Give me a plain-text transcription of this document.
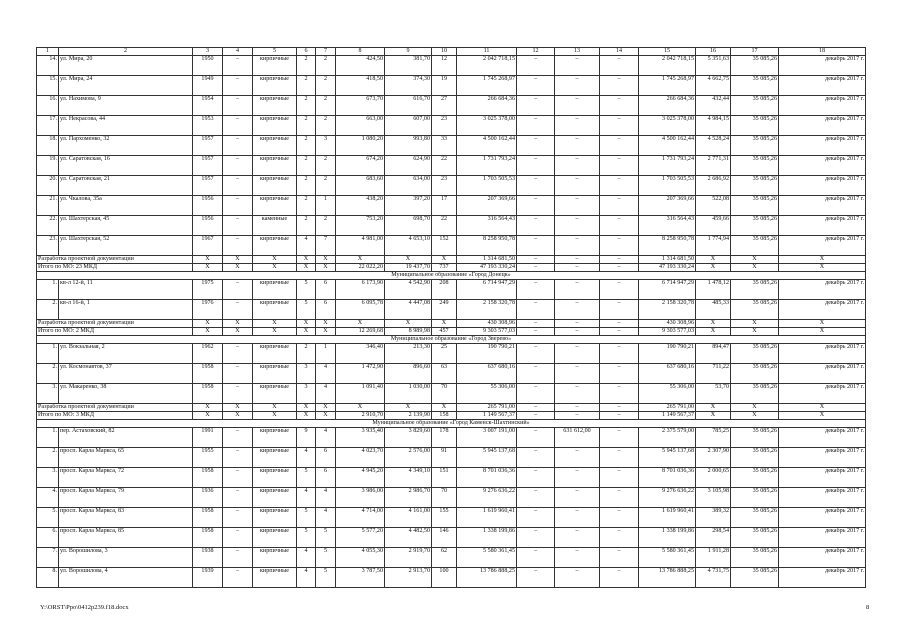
1	2	3	4	5	6	7	8	9	10	11	12	13	14	15	16	17	18
14.	ул. Мира, 20	1950	–	кирпичные	2	2	424,50	381,70	12	2 042 718,15	–	–	–	2 042 718,15	5 351,63	35 085,26	декабрь 2017 г.
15.	ул. Мира, 24	1949	–	кирпичные	2	2	418,50	374,30	19	1 745 268,97	–	–	–	1 745 268,97	4 662,75	35 085,26	декабрь 2017 г.
16.	ул. Нахимова, 9	1954	–	кирпичные	2	2	673,70	616,70	27	266 684,36	–	–	–	266 684,36	432,44	35 085,26	декабрь 2017 г.
17.	ул. Некрасова, 44	1953	–	кирпичные	2	2	663,00	607,00	23	3 025 378,00	–	–	–	3 025 378,00	4 984,15	35 085,26	декабрь 2017 г.
18.	ул. Пархоменко, 32	1957	–	кирпичные	2	3	1 080,20	993,80	33	4 500 162,44	–	–	–	4 500 162,44	4 528,24	35 085,26	декабрь 2017 г.
19.	ул. Саратовская, 16	1957	–	кирпичные	2	2	674,20	624,90	22	1 731 793,24	–	–	–	1 731 793,24	2 771,31	35 085,26	декабрь 2017 г.
20.	ул. Саратовская, 21	1957	–	кирпичные	2	2	683,60	634,00	23	1 703 505,53	–	–	–	1 703 505,53	2 686,92	35 085,26	декабрь 2017 г.
21.	ул. Чкалова, 35а	1956	–	кирпичные	2	1	438,20	397,20	17	207 369,66	–	–	–	207 369,66	522,08	35 085,26	декабрь 2017 г.
22.	ул. Шахтерская, 45	1956	–	каменные	2	2	753,20	698,70	22	316 564,43	–	–	–	316 564,43	459,66	35 085,26	декабрь 2017 г.
23.	ул. Шахтерская, 52	1967	–	кирпичные	4	7	4 981,00	4 653,10	152	8 258 950,78	–	–	–	8 258 950,78	1 774,94	35 085,26	декабрь 2017 г.
Разработка проектной документации		X	X	X	X	X	X	X	X	1 314 681,50	–	–	–	1 314 681,50	X	X	X
Итого по МО: 23 МКД		X	X	X	X	X	22 022,20	19 437,70	737	47 193 330,24	–	–	–	47 193 330,24	X	X	X
Муниципальное образование «Город Донецк»																	
1.	кв-л 12-й, 11	1975	–	кирпичные	5	6	6 173,90	4 542,90	208	6 714 947,29	–	–	–	6 714 947,29	1 478,12	35 085,26	декабрь 2017 г.
2.	кв-л 16-й, 1	1976	–	кирпичные	5	6	6 095,78	4 447,08	249	2 158 320,78	–	–	–	2 158 320,78	485,33	35 085,26	декабрь 2017 г.
Разработка проектной документации		X	X	X	X	X	X	X	X	430 308,96	–	–	–	430 308,96	X	X	X
Итого по МО: 2 МКД		X	X	X	X	X	12 269,68	8 989,98	457	9 303 577,03	–	–	–	9 303 577,03	X	X	X
Муниципальное образование «Город Зверево»																	
1.	ул. Вокзальная, 2	1962	–	кирпичные	2	1	346,40	213,30	25	190 790,21	–	–	–	190 790,21	894,47	35 085,26	декабрь 2017 г.
2.	ул. Космонавтов, 37	1958	–	кирпичные	3	4	1 472,90	896,60	63	637 680,16	–	–	–	637 680,16	711,22	35 085,26	декабрь 2017 г.
3.	ул. Макаренко, 38	1958	–	кирпичные	3	4	1 091,40	1 030,00	70	55 306,00	–	–	–	55 306,00	53,70	35 085,26	декабрь 2017 г.
Разработка проектной документации		X	X	X	X	X	X	X	X	265 791,00	–	–	–	265 791,00	X	X	X
Итого по МО: 3 МКД		X	X	X	X	X	2 910,70	2 139,90	158	1 149 567,37	–	–	–	1 149 567,37	X	X	X
Муниципальное образование «Город Каменск-Шахтинский»																	
1.	пер. Астаховский, 82	1991	–	кирпичные	9	4	3 935,40	3 829,60	178	3 007 191,00	–	631 612,00	–	2 375 579,00	785,25	35 085,26	декабрь 2017 г.
2.	просп. Карла Маркса, 65	1955	–	кирпичные	4	6	4 023,70	2 576,00	91	5 945 137,68	–	–	–	5 945 137,68	2 307,90	35 085,26	декабрь 2017 г.
3.	просп. Карла Маркса, 72	1958	–	кирпичные	5	6	4 945,20	4 349,10	151	8 701 036,36	–	–	–	8 701 036,36	2 000,65	35 085,26	декабрь 2017 г.
4.	просп. Карла Маркса, 79	1936	–	кирпичные	4	4	3 986,00	2 986,70	70	9 276 636,22	–	–	–	9 276 636,22	3 105,98	35 085,26	декабрь 2017 г.
5.	просп. Карла Маркса, 83	1958	–	кирпичные	5	4	4 714,00	4 161,00	155	1 619 960,41	–	–	–	1 619 960,41	389,32	35 085,26	декабрь 2017 г.
6.	просп. Карла Маркса, 85	1958	–	кирпичные	5	5	5 577,20	4 482,50	146	1 338 199,86	–	–	–	1 338 199,86	298,54	35 085,26	декабрь 2017 г.
7.	ул. Ворошилова, 3	1938	–	кирпичные	4	5	4 055,30	2 919,70	62	5 580 361,45	–	–	–	5 580 361,45	1 911,28	35 085,26	декабрь 2017 г.
8.	ул. Ворошилова, 4	1939	–	кирпичные	4	5	3 787,50	2 913,70	100	13 786 888,25	–	–	–	13 786 888,25	4 731,75	35 085,26	декабрь 2017 г.
Y:\ORST\Ppo\0412p239.f18.docx	8
